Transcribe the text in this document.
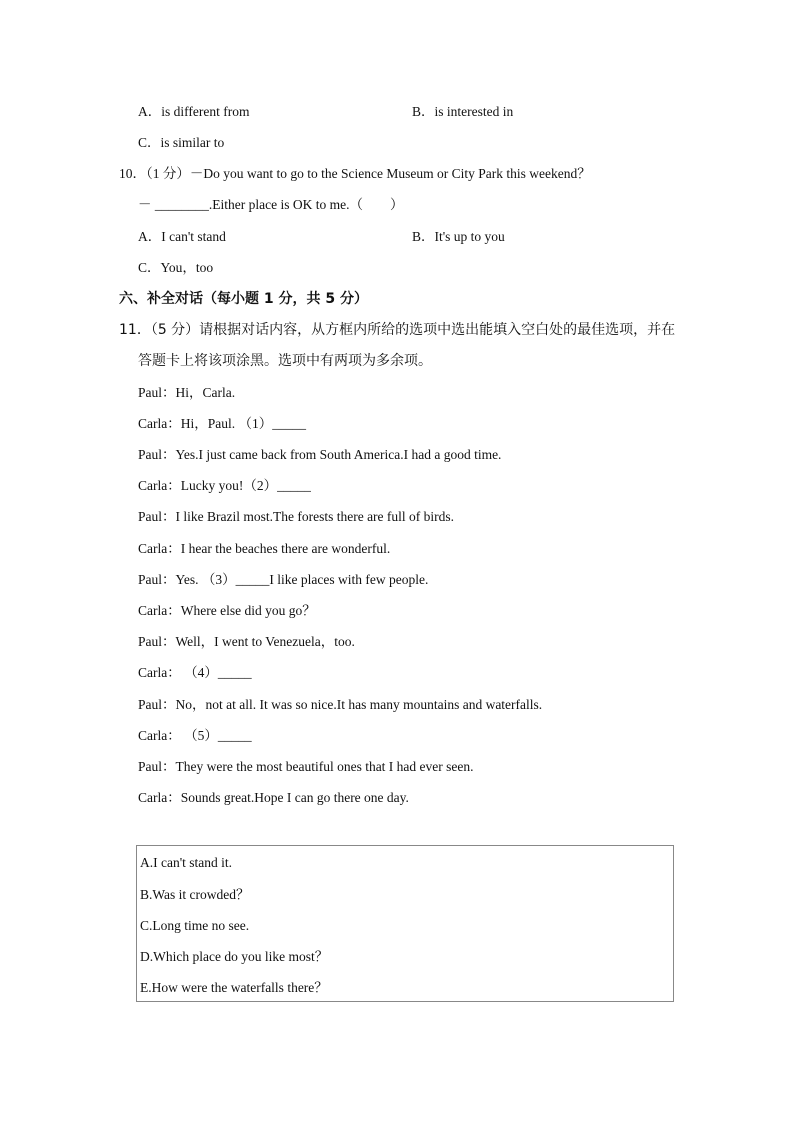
A．is different from	B．is interested in
C．is similar to
10．（1 分）－Do you want to go to the Science Museum or City Park this weekend？
－ ________.Either place is OK to me.（　　）
A．I can't stand	B．It's up to you
C．You，too
六、补全对话（每小题 1 分，共 5 分）
11．（5 分）请根据对话内容，从方框内所给的选项中选出能填入空白处的最佳选项，并在
答题卡上将该项涂黑。选项中有两项为多余项。
Paul：Hi，Carla.
Carla：Hi，Paul. （1）_____
Paul：Yes.I just came back from South America.I had a good time.
Carla：Lucky you!（2）_____
Paul：I like Brazil most.The forests there are full of birds.
Carla：I hear the beaches there are wonderful.
Paul：Yes. （3）_____I like places with few people.
Carla：Where else did you go？
Paul：Well，I went to Venezuela，too.
Carla： （4）_____
Paul：No，not at all. It was so nice.It has many mountains and waterfalls.
Carla： （5）_____
Paul：They were the most beautiful ones that I had ever seen.
Carla：Sounds great.Hope I can go there one day.
A.I can't stand it.
B.Was it crowded？
C.Long time no see.
D.Which place do you like most？
E.How were the waterfalls there？
